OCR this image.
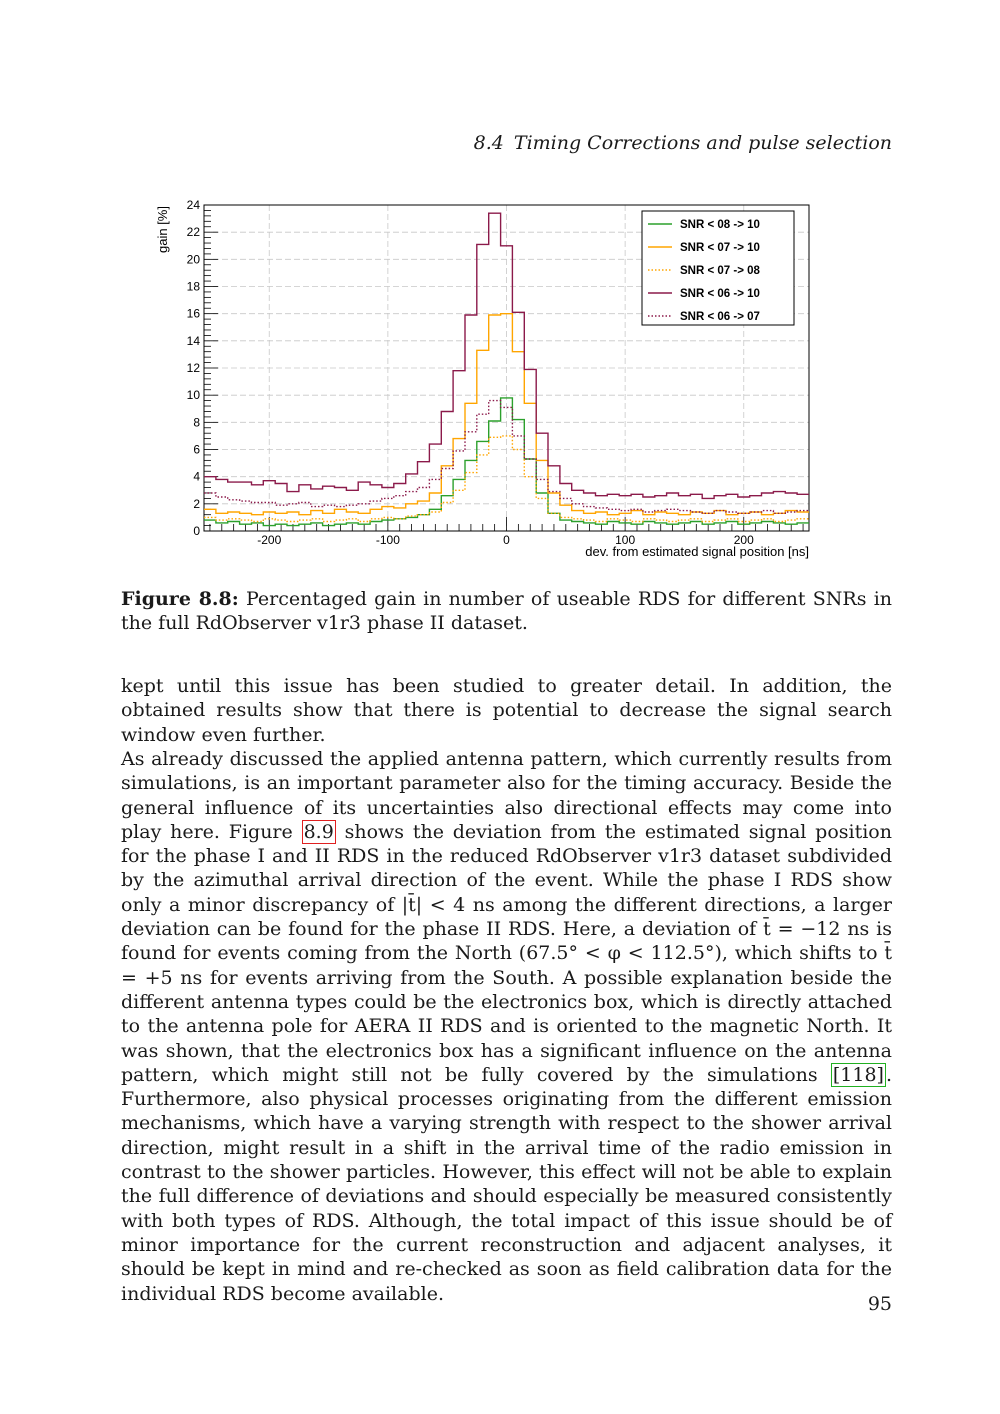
8.4 Timing Corrections and pulse selection
0
2
4
6
8
10
12
14
16
18
20
22
24
-200	-100	0	100	200
SNR < 08 -> 10
SNR < 07 -> 10
SNR < 07 -> 08
SNR < 06 -> 10
SNR < 06 -> 07
gain [%]
dev. from estimated signal position [ns]
Figure 8.8: Percentaged gain in number of useable RDS for different SNRs in the full RdObserver v1r3 phase II dataset.
kept until this issue has been studied to greater detail. In addition, the obtained results show that there is potential to decrease the signal search window even further.
As already discussed the applied antenna pattern, which currently results from simulations, is an important parameter also for the timing accuracy. Beside the general influence of its uncertainties also directional effects may come into play here. Figure 8.9 shows the deviation from the estimated signal position for the phase I and II RDS in the reduced RdObserver v1r3 dataset subdivided by the azimuthal arrival direction of the event. While the phase I RDS show only a minor discrepancy of |t̄| < 4 ns among the different directions, a larger deviation can be found for the phase II RDS. Here, a deviation of t̄ = −12 ns is found for events coming from the North (67.5° < φ < 112.5°), which shifts to t̄ = +5 ns for events arriving from the South. A possible explanation beside the different antenna types could be the electronics box, which is directly attached to the antenna pole for AERA II RDS and is oriented to the magnetic North. It was shown, that the electronics box has a significant influence on the antenna pattern, which might still not be fully covered by the simulations [118] . Furthermore, also physical processes originating from the different emission mechanisms, which have a varying strength with respect to the shower arrival direction, might result in a shift in the arrival time of the radio emission in contrast to the shower particles. However, this effect will not be able to explain the full difference of deviations and should especially be measured consistently with both types of RDS. Although, the total impact of this issue should be of minor importance for the current reconstruction and adjacent analyses, it should be kept in mind and re-checked as soon as field calibration data for the individual RDS become available.	95
